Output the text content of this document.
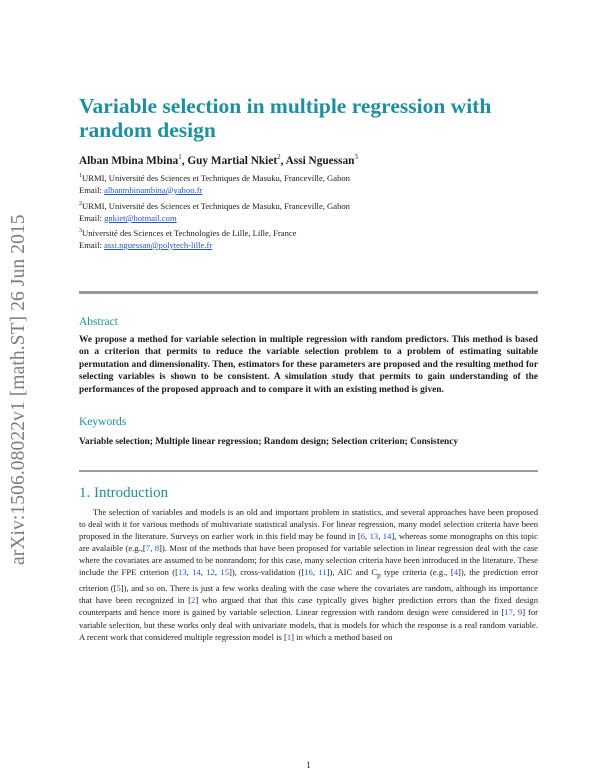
arXiv:1506.08022v1 [math.ST] 26 Jun 2015
Variable selection in multiple regression with random design
Alban Mbina Mbina$^1$, Guy Martial Nkiet$^2$, Assi Nguessan$^3$
$^1$URMI, Université des Sciences et Techniques de Masuku, Franceville, Gabon
Email: albanmbinambina@yahoo.fr
$^2$URMI, Université des Sciences et Techniques de Masuku, Franceville, Gabon
Email: gnkiet@hotmail.com
$^3$Université des Sciences et Technologies de Lille, Lille, France
Email: assi.nguessan@polytech-lille.fr
Abstract

We propose a method for variable selection in multiple regression with random predictors. This method is based on a criterion that permits to reduce the variable selection problem to a problem of estimating suitable permutation and dimensionality. Then, estimators for these parameters are proposed and the resulting method for selecting variables is shown to be consistent. A simulation study that permits to gain understanding of the performances of the proposed approach and to compare it with an existing method is given.

Keywords
Variable selection; Multiple linear regression; Random design; Selection criterion; Consistency
1. Introduction

The selection of variables and models is an old and important problem in statistics, and several approaches have been proposed to deal with it for various methods of multivariate statistical analysis. For linear regression, many model selection criteria have been proposed in the literature. Surveys on earlier work in this field may be found in [6, 13, 14], whereas some monographs on this topic are avalaible (e.g.,[7, 8]). Most of the methods that have been proposed for variable selection in linear regression deal with the case where the covariates are assumed to be nonrandom; for this case, many selection criteria have been introduced in the literature. These include the FPE criterion ([13, 14, 12, 15]), cross-validation ([16, 11]), AIC and $C_p$ type criteria (e.g., [4]), the prediction error criterion ([5]), and so on. There is just a few works dealing with the case where the covariates are random, although its importance that have been recognized in [2] who argued that that this case typically gives higher prediction errors than the fixed design counterparts and hence more is gained by variable selection. Linear regression with random design were considered in [17, 9] for variable selection, but these works only deal with univariate models, that is models for which the response is a real random variable. A recent work that considered multiple regression model is [1] in which a method based on

1
